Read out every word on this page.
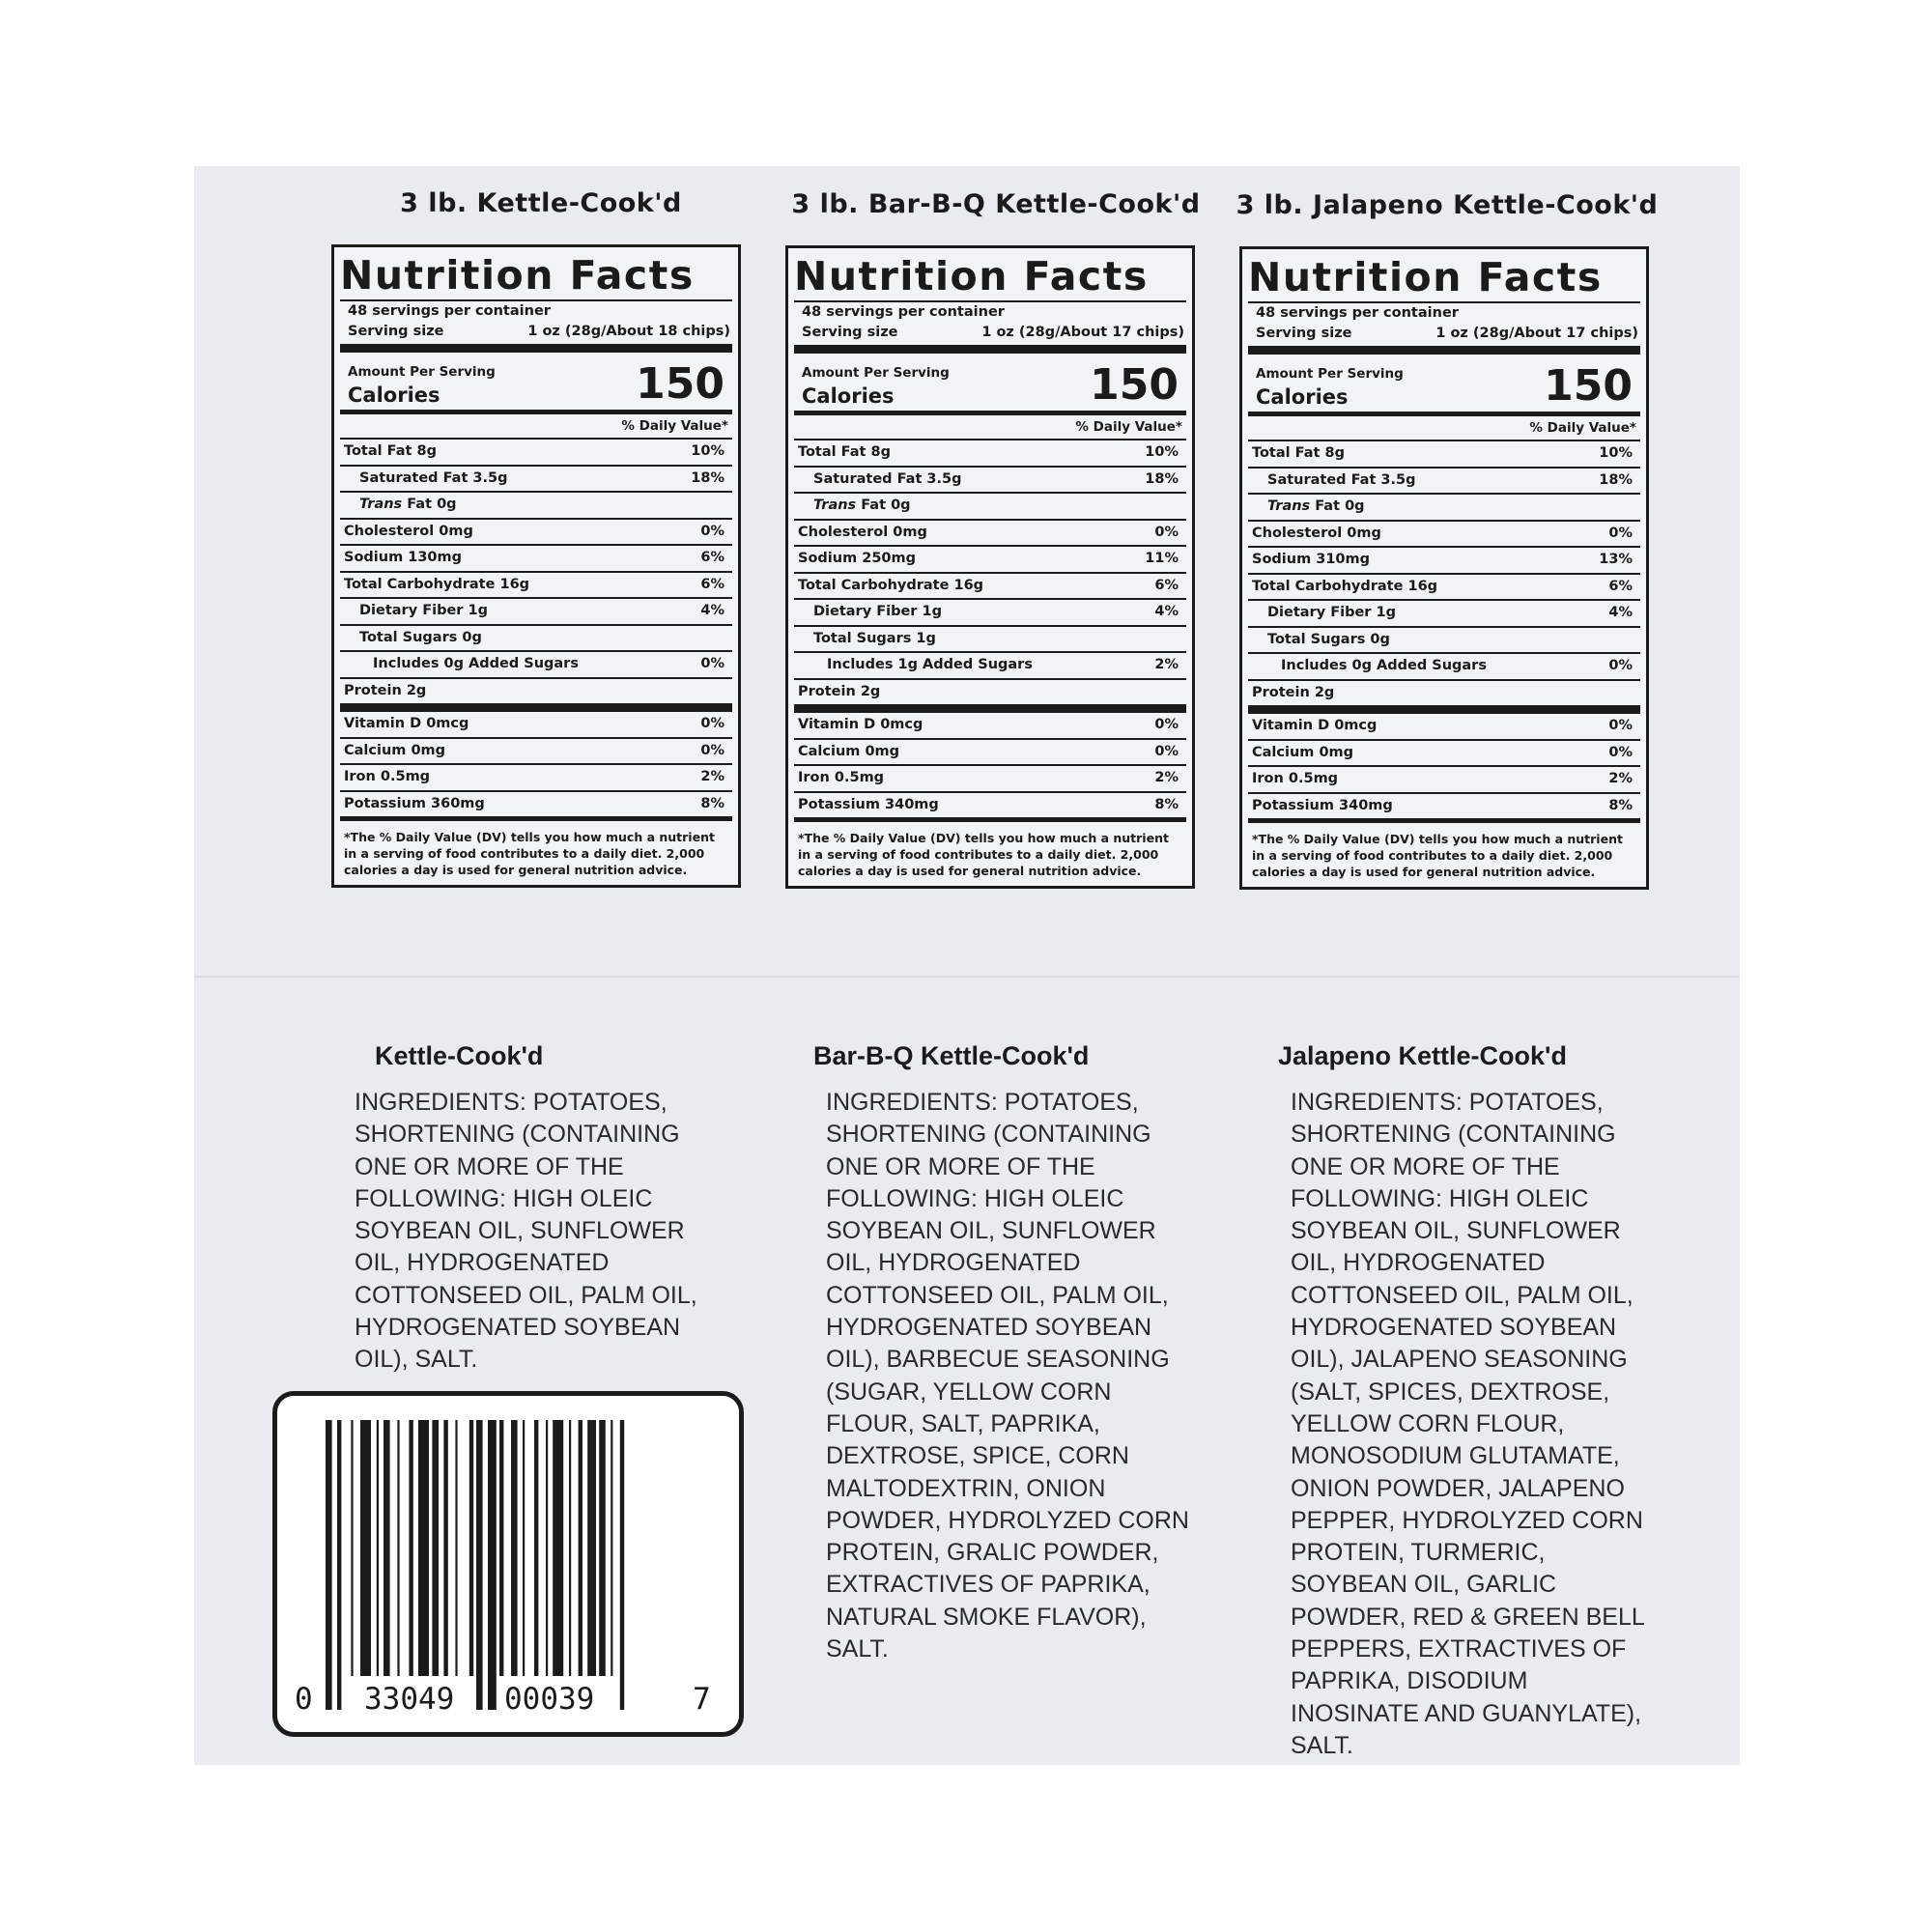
3 lb. Kettle-Cook'd	3 lb. Bar-B-Q Kettle-Cook'd	3 lb. Jalapeno Kettle-Cook'd
Nutrition Facts
48 servings per container
Serving size	1 oz (28g/About 18 chips)
Amount Per Serving
Calories	150
% Daily Value*
Total Fat 8g	10%
Saturated Fat 3.5g	18%
Trans Fat 0g
Cholesterol 0mg	0%
Sodium 130mg	6%
Total Carbohydrate 16g	6%
Dietary Fiber 1g	4%
Total Sugars 0g
Includes 0g Added Sugars	0%
Protein 2g
Vitamin D 0mcg	0%
Calcium 0mg	0%
Iron 0.5mg	2%
Potassium 360mg	8%
*The % Daily Value (DV) tells you how much a nutrient in a serving of food contributes to a daily diet. 2,000 calories a day is used for general nutrition advice.
Nutrition Facts
48 servings per container
Serving size	1 oz (28g/About 17 chips)
Amount Per Serving
Calories	150
% Daily Value*
Total Fat 8g	10%
Saturated Fat 3.5g	18%
Trans Fat 0g
Cholesterol 0mg	0%
Sodium 250mg	11%
Total Carbohydrate 16g	6%
Dietary Fiber 1g	4%
Total Sugars 1g
Includes 1g Added Sugars	2%
Protein 2g
Vitamin D 0mcg	0%
Calcium 0mg	0%
Iron 0.5mg	2%
Potassium 340mg	8%
*The % Daily Value (DV) tells you how much a nutrient in a serving of food contributes to a daily diet. 2,000 calories a day is used for general nutrition advice.
Nutrition Facts
48 servings per container
Serving size	1 oz (28g/About 17 chips)
Amount Per Serving
Calories	150
% Daily Value*
Total Fat 8g	10%
Saturated Fat 3.5g	18%
Trans Fat 0g
Cholesterol 0mg	0%
Sodium 310mg	13%
Total Carbohydrate 16g	6%
Dietary Fiber 1g	4%
Total Sugars 0g
Includes 0g Added Sugars	0%
Protein 2g
Vitamin D 0mcg	0%
Calcium 0mg	0%
Iron 0.5mg	2%
Potassium 340mg	8%
*The % Daily Value (DV) tells you how much a nutrient in a serving of food contributes to a daily diet. 2,000 calories a day is used for general nutrition advice.
Kettle-Cook'd
INGREDIENTS: POTATOES,
SHORTENING (CONTAINING
ONE OR MORE OF THE
FOLLOWING: HIGH OLEIC
SOYBEAN OIL, SUNFLOWER
OIL, HYDROGENATED
COTTONSEED OIL, PALM OIL,
HYDROGENATED SOYBEAN
OIL), SALT.
Bar-B-Q Kettle-Cook'd
INGREDIENTS: POTATOES,
SHORTENING (CONTAINING
ONE OR MORE OF THE
FOLLOWING: HIGH OLEIC
SOYBEAN OIL, SUNFLOWER
OIL, HYDROGENATED
COTTONSEED OIL, PALM OIL,
HYDROGENATED SOYBEAN
OIL), BARBECUE SEASONING
(SUGAR, YELLOW CORN
FLOUR, SALT, PAPRIKA,
DEXTROSE, SPICE, CORN
MALTODEXTRIN, ONION
POWDER, HYDROLYZED CORN
PROTEIN, GRALIC POWDER,
EXTRACTIVES OF PAPRIKA,
NATURAL SMOKE FLAVOR),
SALT.
Jalapeno Kettle-Cook'd
INGREDIENTS: POTATOES,
SHORTENING (CONTAINING
ONE OR MORE OF THE
FOLLOWING: HIGH OLEIC
SOYBEAN OIL, SUNFLOWER
OIL, HYDROGENATED
COTTONSEED OIL, PALM OIL,
HYDROGENATED SOYBEAN
OIL), JALAPENO SEASONING
(SALT, SPICES, DEXTROSE,
YELLOW CORN FLOUR,
MONOSODIUM GLUTAMATE,
ONION POWDER, JALAPENO
PEPPER, HYDROLYZED CORN
PROTEIN, TURMERIC,
SOYBEAN OIL, GARLIC
POWDER, RED & GREEN BELL
PEPPERS, EXTRACTIVES OF
PAPRIKA, DISODIUM
INOSINATE AND GUANYLATE),
SALT.
0 33049 00039	7
